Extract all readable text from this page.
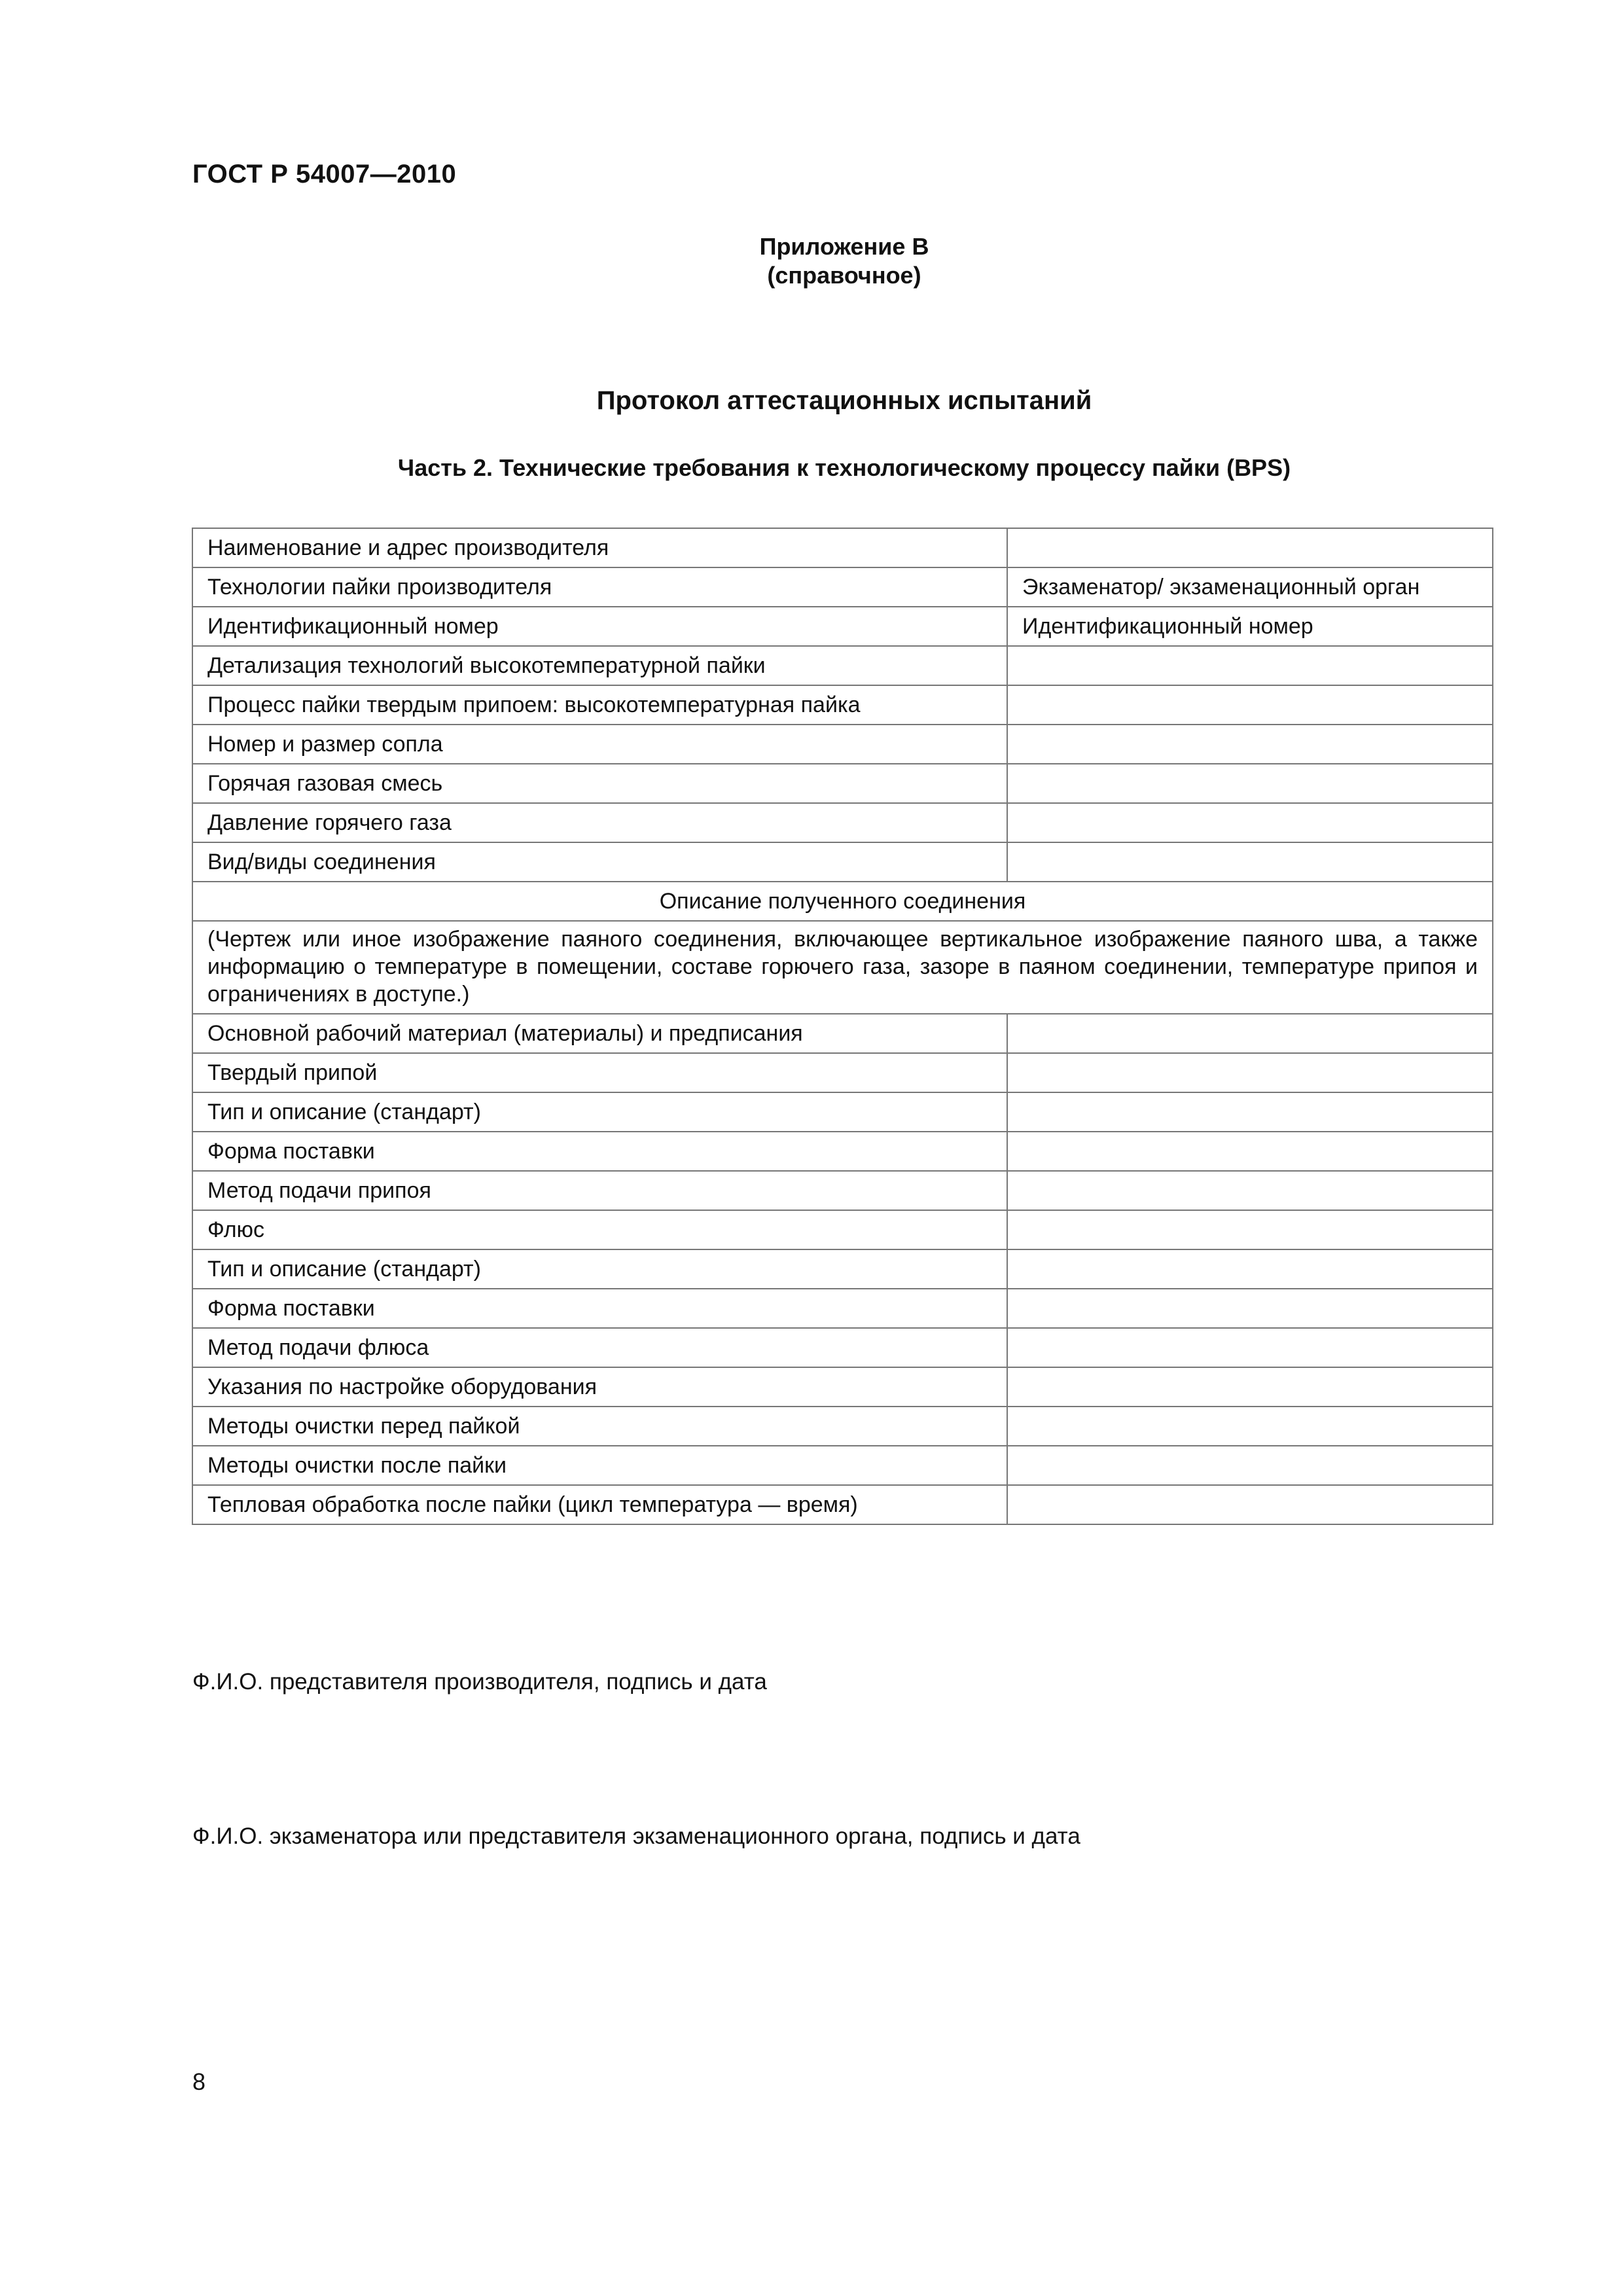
ГОСТ Р 54007—2010
Приложение В
(справочное)
Протокол аттестационных испытаний
Часть 2. Технические требования к технологическому процессу пайки (BPS)
Наименование и адрес производителя	
Технологии пайки производителя	Экзаменатор/ экзаменационный орган
Идентификационный номер	Идентификационный номер
Детализация технологий высокотемпературной пайки	
Процесс пайки твердым припоем: высокотемпературная пайка	
Номер и размер сопла	
Горячая газовая смесь	
Давление горячего газа	
Вид/виды соединения	
Описание полученного соединения	
(Чертеж или иное изображение паяного соединения, включающее вертикальное изображение паяного шва, а также информацию о температуре в помещении, составе горючего газа, зазоре в паяном соединении, температуре припоя и ограничениях в доступе.)	
Основной рабочий материал (материалы) и предписания	
Твердый припой	
Тип и описание (стандарт)	
Форма поставки	
Метод подачи припоя	
Флюс	
Тип и описание (стандарт)	
Форма поставки	
Метод подачи флюса	
Указания по настройке оборудования	
Методы очистки перед пайкой	
Методы очистки после пайки	
Тепловая обработка после пайки (цикл температура — время)	
Ф.И.О. представителя производителя, подпись и дата
Ф.И.О. экзаменатора или представителя экзаменационного органа, подпись и дата
8
